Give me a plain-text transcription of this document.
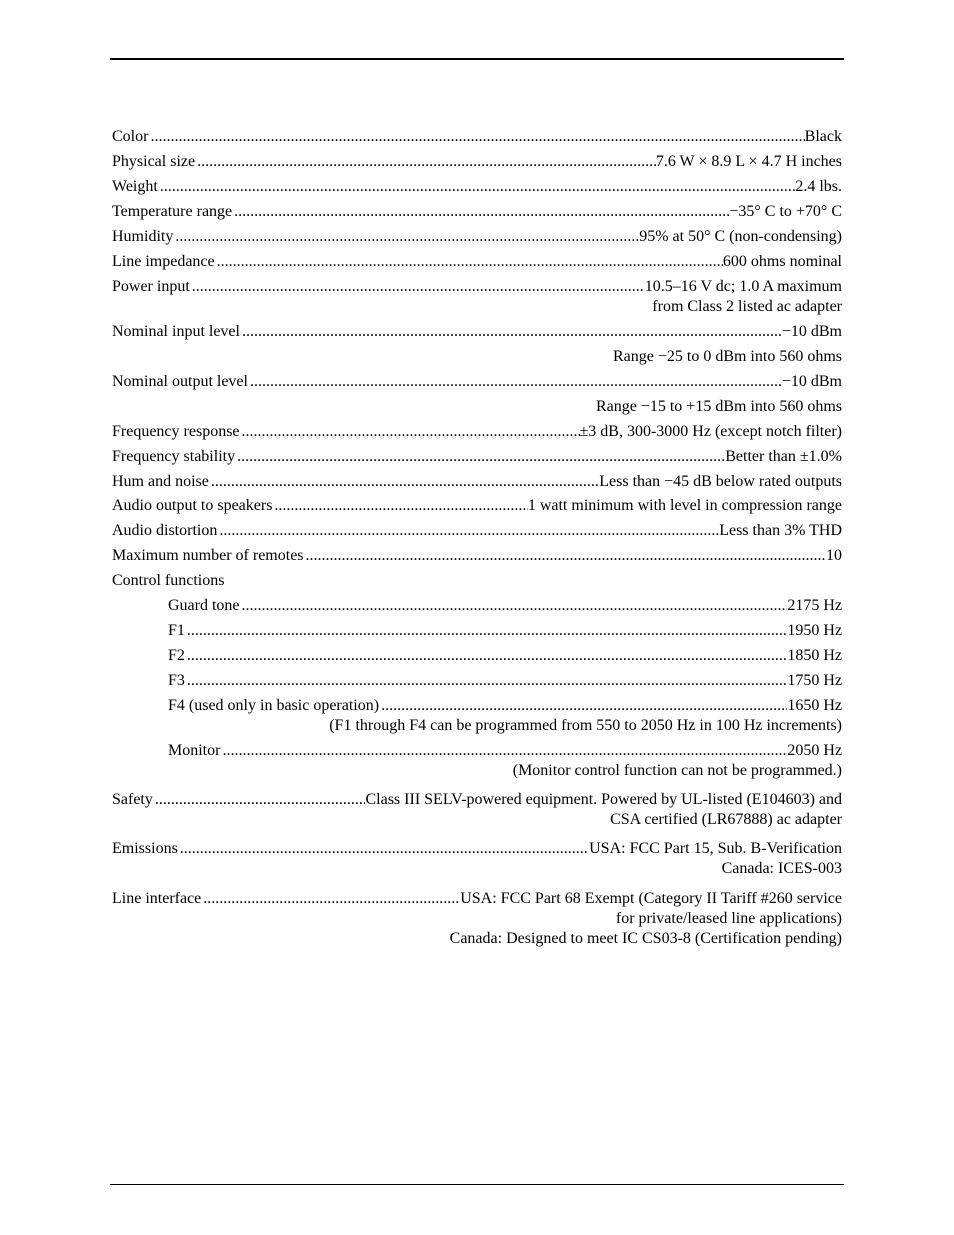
Color .....	Black
Physical size .....	7.6 W × 8.9 L × 4.7 H inches
Weight .....	2.4 lbs.
Temperature range .....	−35° C to +70° C
Humidity .....	95% at 50° C (non-condensing)
Line impedance .....	600 ohms nominal
Power input .....	10.5–16 V dc; 1.0 A maximum
from Class 2 listed ac adapter
Nominal input level .....	−10 dBm
Range −25 to 0 dBm into 560 ohms
Nominal output level .....	−10 dBm
Range −15 to +15 dBm into 560 ohms
Frequency response .....	±3 dB, 300-3000 Hz (except notch filter)
Frequency stability .....	Better than ±1.0%
Hum and noise .....	Less than −45 dB below rated outputs
Audio output to speakers .....	1 watt minimum with level in compression range
Audio distortion .....	Less than 3% THD
Maximum number of remotes .....	10
Control functions
Guard tone .....	2175 Hz
F1 .....	1950 Hz
F2 .....	1850 Hz
F3 .....	1750 Hz
F4 (used only in basic operation) .....	1650 Hz
(F1 through F4 can be programmed from 550 to 2050 Hz in 100 Hz increments)
Monitor .....	2050 Hz
(Monitor control function can not be programmed.)
Safety .....	Class III SELV-powered equipment. Powered by UL-listed (E104603) and
CSA certified (LR67888) ac adapter
Emissions .....	USA: FCC Part 15, Sub. B-Verification
Canada: ICES-003
Line interface .....	USA: FCC Part 68 Exempt (Category II Tariff #260 service
for private/leased line applications)
Canada: Designed to meet IC CS03-8 (Certification pending)
